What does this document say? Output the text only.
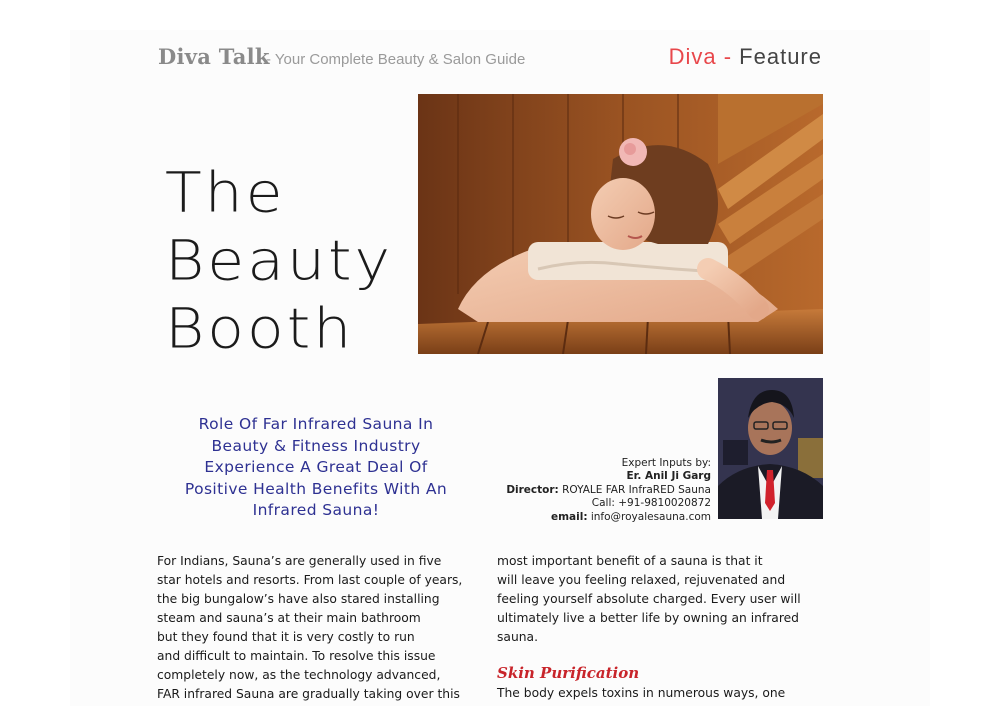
Diva Talk
- Your Complete Beauty & Salon Guide	Diva - Feature
The
Beauty
Booth
Role Of Far Infrared Sauna In
Beauty & Fitness Industry
Experience A Great Deal Of
Positive Health Benefits With An
Infrared Sauna!
Expert Inputs by:
Er. Anil Ji Garg
Director: ROYALE FAR InfraRED Sauna
Call: +91-9810020872
email: info@royalesauna.com

For Indians, Sauna’s are generally used in five

star hotels and resorts. From last couple of years,

the big bungalow’s have also stared installing

steam and sauna’s at their main bathroom

but they found that it is very costly to run

and difficult to maintain. To resolve this issue

completely now, as the technology advanced,

FAR infrared Sauna are gradually taking over this

most important benefit of a sauna is that it

will leave you feeling relaxed, rejuvenated and

feeling yourself absolute charged. Every user will

ultimately live a better life by owning an infrared

sauna.

Skin Purification

The body expels toxins in numerous ways, one
